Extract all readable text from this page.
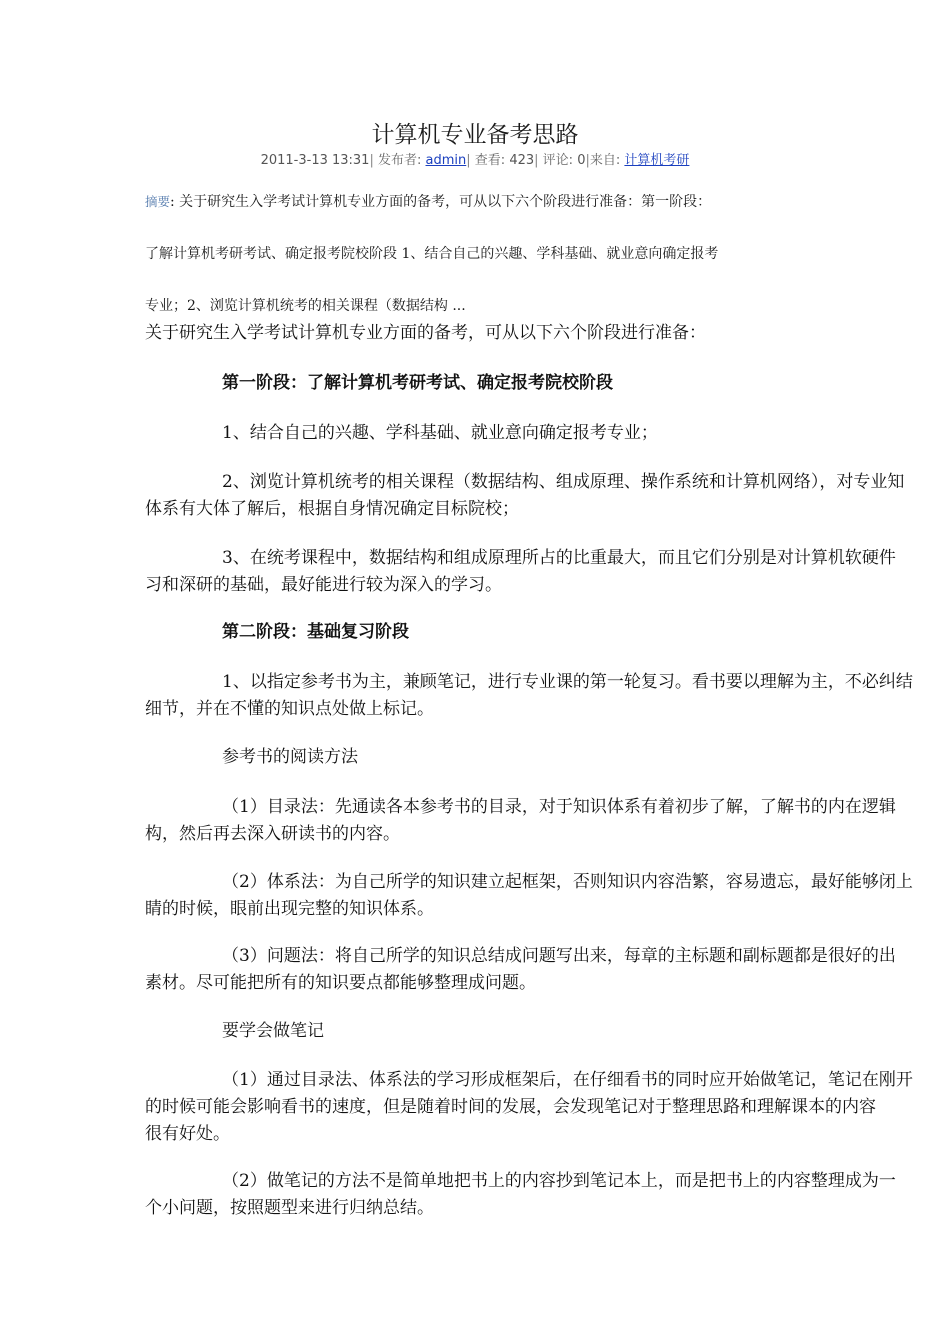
计算机专业备考思路
2011-3-13 13:31| 发布者: admin| 查看: 423| 评论: 0|来自: 计算机考研
摘要: 关于研究生入学考试计算机专业方面的备考，可从以下六个阶段进行准备：第一阶段：
了解计算机考研考试、确定报考院校阶段 1、结合自己的兴趣、学科基础、就业意向确定报考
专业；2、浏览计算机统考的相关课程（数据结构 ...
关于研究生入学考试计算机专业方面的备考，可从以下六个阶段进行准备：
第一阶段：了解计算机考研考试、确定报考院校阶段
1、结合自己的兴趣、学科基础、就业意向确定报考专业；
2、浏览计算机统考的相关课程（数据结构、组成原理、操作系统和计算机网络），对专业知
体系有大体了解后，根据自身情况确定目标院校；
3、在统考课程中，数据结构和组成原理所占的比重最大，而且它们分别是对计算机软硬件
习和深研的基础，最好能进行较为深入的学习。
第二阶段：基础复习阶段
1、以指定参考书为主，兼顾笔记，进行专业课的第一轮复习。看书要以理解为主，不必纠结
细节，并在不懂的知识点处做上标记。
参考书的阅读方法
（1）目录法：先通读各本参考书的目录，对于知识体系有着初步了解，了解书的内在逻辑
构，然后再去深入研读书的内容。
（2）体系法：为自己所学的知识建立起框架，否则知识内容浩繁，容易遗忘，最好能够闭上
睛的时候，眼前出现完整的知识体系。
（3）问题法：将自己所学的知识总结成问题写出来，每章的主标题和副标题都是很好的出
素材。尽可能把所有的知识要点都能够整理成问题。
要学会做笔记
（1）通过目录法、体系法的学习形成框架后，在仔细看书的同时应开始做笔记，笔记在刚开
的时候可能会影响看书的速度，但是随着时间的发展，会发现笔记对于整理思路和理解课本的内容
很有好处。
（2）做笔记的方法不是简单地把书上的内容抄到笔记本上，而是把书上的内容整理成为一
个小问题，按照题型来进行归纳总结。
